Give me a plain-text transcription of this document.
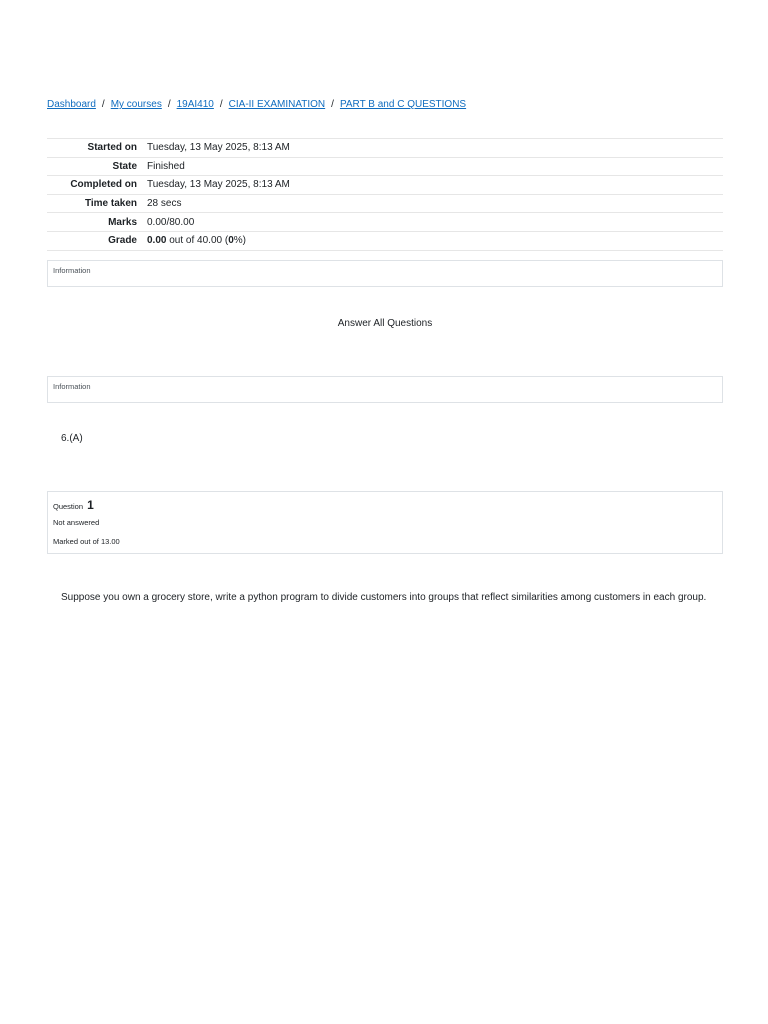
Dashboard / My courses / 19AI410 / CIA-II EXAMINATION / PART B and C QUESTIONS
Started on	Tuesday, 13 May 2025, 8:13 AM
State	Finished
Completed on	Tuesday, 13 May 2025, 8:13 AM
Time taken	28 secs
Marks	0.00/80.00
Grade	0.00 out of 40.00 (0%)
Information
Answer All Questions
Information
6.(A)
Question 1
Not answered
Marked out of 13.00
Suppose you own a grocery store, write a python program to divide customers into groups that reflect similarities among customers in each group.
